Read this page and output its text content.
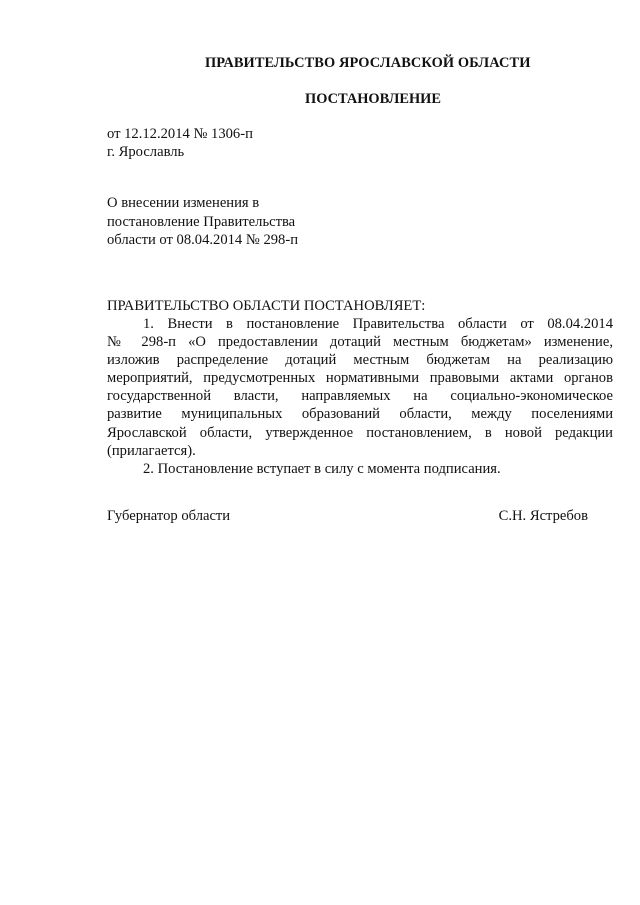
ПРАВИТЕЛЬСТВО ЯРОСЛАВСКОЙ ОБЛАСТИ
ПОСТАНОВЛЕНИЕ
от 12.12.2014 № 1306-п
г. Ярославль
О внесении изменения в
постановление Правительства
области от 08.04.2014 № 298-п
ПРАВИТЕЛЬСТВО ОБЛАСТИ ПОСТАНОВЛЯЕТ:
1. Внести в постановление Правительства области от 08.04.2014
№ 298-п «О предоставлении дотаций местным бюджетам» изменение,
изложив распределение дотаций местным бюджетам на реализацию
мероприятий, предусмотренных нормативными правовыми актами органов
государственной власти, направляемых на социально-экономическое
развитие муниципальных образований области, между поселениями
Ярославской области, утвержденное постановлением, в новой редакции
(прилагается).
2. Постановление вступает в силу с момента подписания.
Губернатор области	С.Н. Ястребов
